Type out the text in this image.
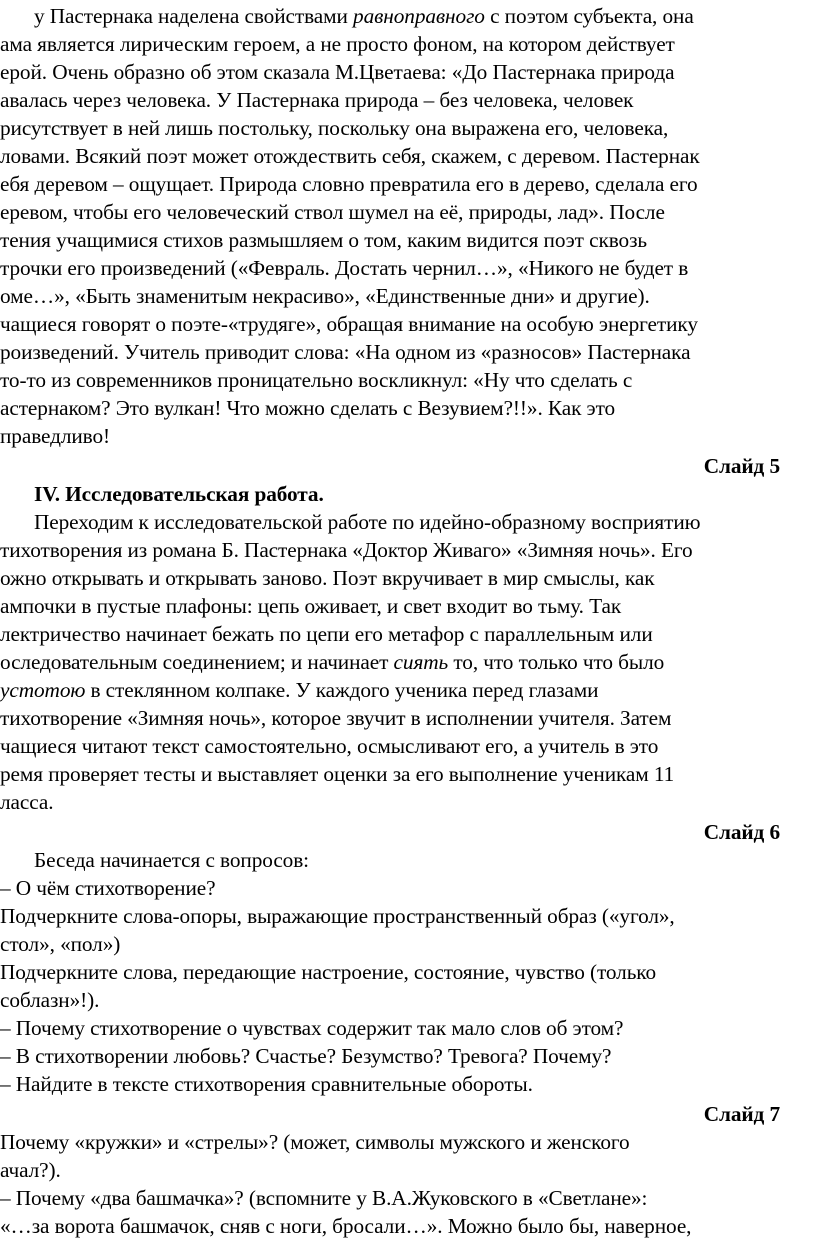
у Пастернака наделена свойствами равноправного с поэтом субъекта, она
ама является лирическим героем, а не просто фоном, на котором действует
ерой. Очень образно об этом сказала М.Цветаева: «До Пастернака природа
авалась через человека. У Пастернака природа – без человека, человек
рисутствует в ней лишь постольку, поскольку она выражена его, человека,
ловами. Всякий поэт может отождествить себя, скажем, с деревом. Пастернак
ебя деревом – ощущает. Природа словно превратила его в дерево, сделала его
еревом, чтобы его человеческий ствол шумел на её, природы, лад». После
тения учащимися стихов размышляем о том, каким видится поэт сквозь
трочки его произведений («Февраль. Достать чернил…», «Никого не будет в
оме…», «Быть знаменитым некрасиво», «Единственные дни» и другие).
чащиеся говорят о поэте-«трудяге», обращая внимание на особую энергетику
роизведений. Учитель приводит слова: «На одном из «разносов» Пастернака
то-то из современников проницательно воскликнул: «Ну что сделать с
астернаком? Это вулкан! Что можно сделать с Везувием?!!». Как это
праведливо!
Слайд 5
IV. Исследовательская работа.
Переходим к исследовательской работе по идейно-образному восприятию
тихотворения из романа Б. Пастернака «Доктор Живаго» «Зимняя ночь». Его
ожно открывать и открывать заново. Поэт вкручивает в мир смыслы, как
ампочки в пустые плафоны: цепь оживает, и свет входит во тьму. Так
лектричество начинает бежать по цепи его метафор с параллельным или
оследовательным соединением; и начинает сиять то, что только что было
устотою в стеклянном колпаке. У каждого ученика перед глазами
тихотворение «Зимняя ночь», которое звучит в исполнении учителя. Затем
чащиеся читают текст самостоятельно, осмысливают его, а учитель в это
ремя проверяет тесты и выставляет оценки за его выполнение ученикам 11
ласса.
Слайд 6
Беседа начинается с вопросов:
– О чём стихотворение?
Подчеркните слова-опоры, выражающие пространственный образ («угол»,
стол», «пол»)
Подчеркните слова, передающие настроение, состояние, чувство (только
соблазн»!).
– Почему стихотворение о чувствах содержит так мало слов об этом?
– В стихотворении любовь? Счастье? Безумство? Тревога? Почему?
– Найдите в тексте стихотворения сравнительные обороты.
Слайд 7
Почему «кружки» и «стрелы»? (может, символы мужского и женского
ачал?).
– Почему «два башмачка»? (вспомните у В.А.Жуковского в «Светлане»:
«…за ворота башмачок, сняв с ноги, бросали…». Можно было бы, наверное,
